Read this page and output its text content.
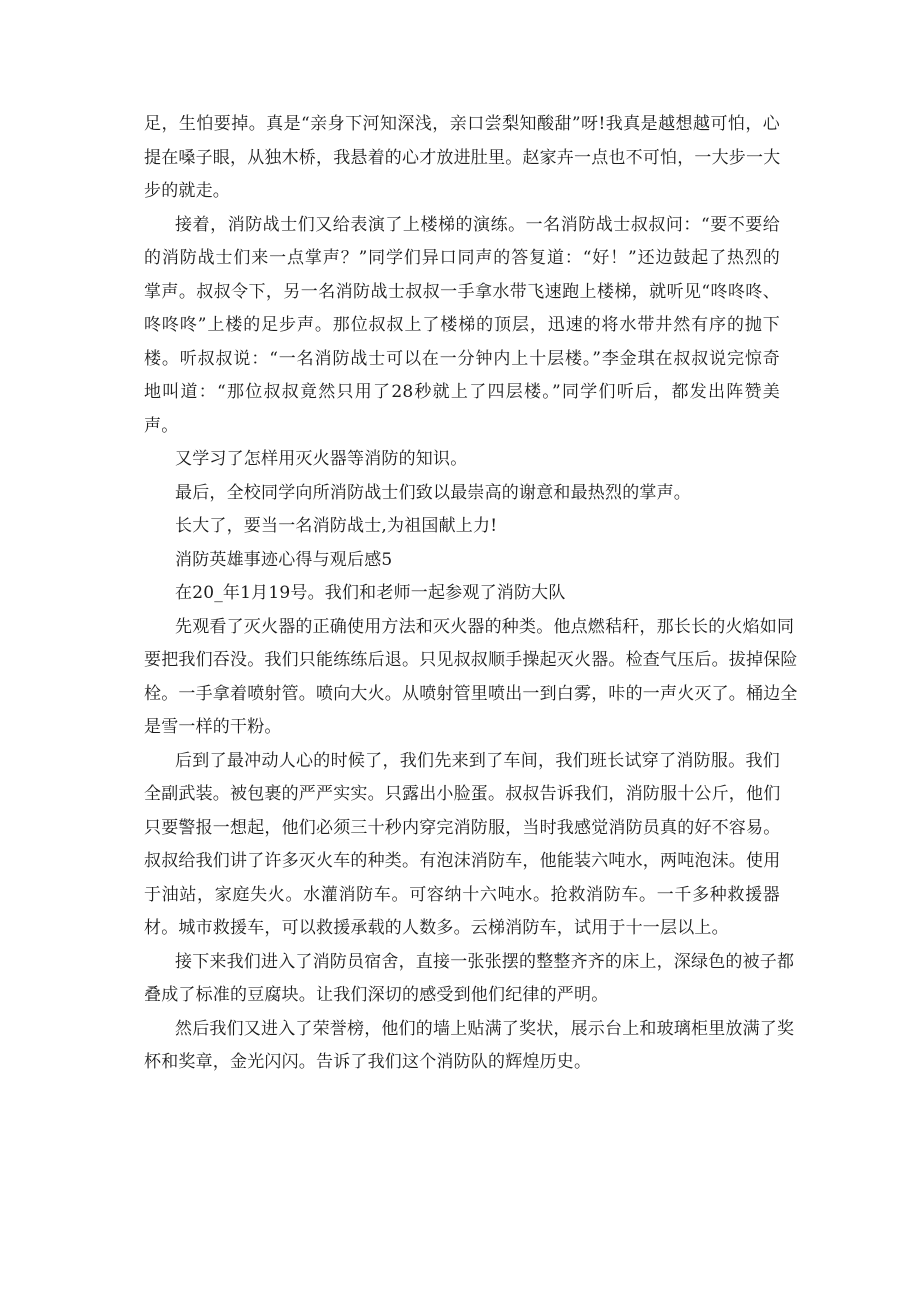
足，生怕要掉。真是“亲身下河知深浅，亲口尝梨知酸甜”呀!我真是越想越可怕，心
提在嗓子眼，从独木桥，我悬着的心才放进肚里。赵家卉一点也不可怕，一大步一大
步的就走。
接着，消防战士们又给表演了上楼梯的演练。一名消防战士叔叔问：“要不要给
的消防战士们来一点掌声？”同学们异口同声的答复道：“好！”还边鼓起了热烈的
掌声。叔叔令下，另一名消防战士叔叔一手拿水带飞速跑上楼梯，就听见“咚咚咚、
咚咚咚”上楼的足步声。那位叔叔上了楼梯的顶层，迅速的将水带井然有序的抛下
楼。听叔叔说：“一名消防战士可以在一分钟内上十层楼。”李金琪在叔叔说完惊奇
地叫道：“那位叔叔竟然只用了28秒就上了四层楼。”同学们听后，都发出阵赞美
声。
又学习了怎样用灭火器等消防的知识。
最后，全校同学向所消防战士们致以最崇高的谢意和最热烈的掌声。
长大了，要当一名消防战士,为祖国献上力!
消防英雄事迹心得与观后感5
在20_年1月19号。我们和老师一起参观了消防大队
先观看了灭火器的正确使用方法和灭火器的种类。他点燃秸秆，那长长的火焰如同
要把我们吞没。我们只能练练后退。只见叔叔顺手操起灭火器。检查气压后。拔掉保险
栓。一手拿着喷射管。喷向大火。从喷射管里喷出一到白雾，咔的一声火灭了。桶边全
是雪一样的干粉。
后到了最冲动人心的时候了，我们先来到了车间，我们班长试穿了消防服。我们
全副武装。被包裹的严严实实。只露出小脸蛋。叔叔告诉我们，消防服十公斤，他们
只要警报一想起，他们必须三十秒内穿完消防服，当时我感觉消防员真的好不容易。
叔叔给我们讲了许多灭火车的种类。有泡沫消防车，他能装六吨水，两吨泡沫。使用
于油站，家庭失火。水灌消防车。可容纳十六吨水。抢救消防车。一千多种救援器
材。城市救援车，可以救援承载的人数多。云梯消防车，试用于十一层以上。
接下来我们进入了消防员宿舍，直接一张张摆的整整齐齐的床上，深绿色的被子都
叠成了标准的豆腐块。让我们深切的感受到他们纪律的严明。
然后我们又进入了荣誉榜，他们的墙上贴满了奖状，展示台上和玻璃柜里放满了奖
杯和奖章，金光闪闪。告诉了我们这个消防队的辉煌历史。
